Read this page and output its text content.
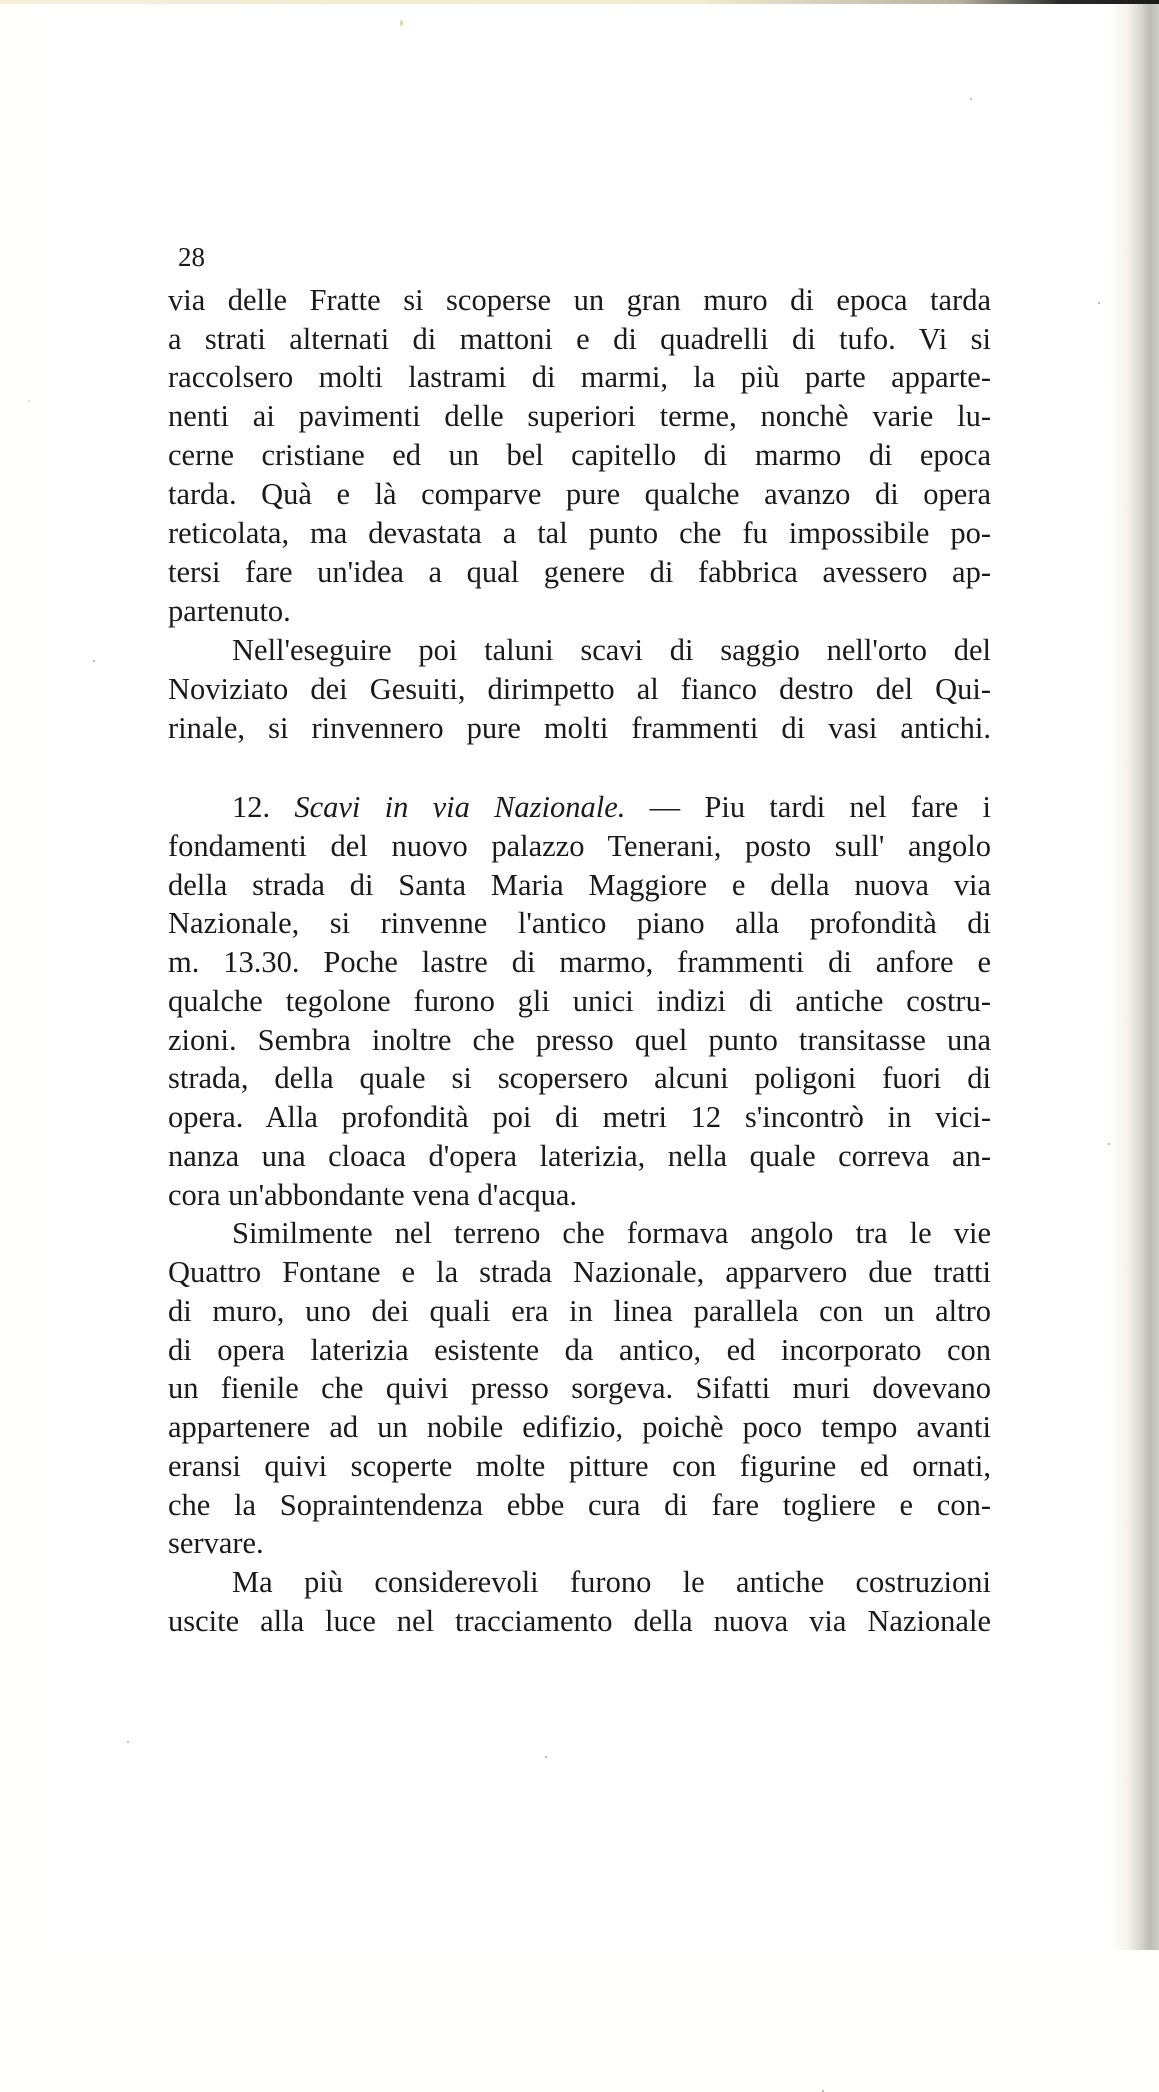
28
via delle Fratte si scoperse un gran muro di epoca tarda
a strati alternati di mattoni e di quadrelli di tufo. Vi si
raccolsero molti lastrami di marmi, la più parte apparte-
nenti ai pavimenti delle superiori terme, nonchè varie lu-
cerne cristiane ed un bel capitello di marmo di epoca
tarda. Quà e là comparve pure qualche avanzo di opera
reticolata, ma devastata a tal punto che fu impossibile po-
tersi fare un'idea a qual genere di fabbrica avessero ap-
partenuto.
Nell'eseguire poi taluni scavi di saggio nell'orto del
Noviziato dei Gesuiti, dirimpetto al fianco destro del Qui-
rinale, si rinvennero pure molti frammenti di vasi antichi.
12. Scavi in via Nazionale. — Piu tardi nel fare i
fondamenti del nuovo palazzo Tenerani, posto sull' angolo
della strada di Santa Maria Maggiore e della nuova via
Nazionale, si rinvenne l'antico piano alla profondità di
m. 13.30. Poche lastre di marmo, frammenti di anfore e
qualche tegolone furono gli unici indizi di antiche costru-
zioni. Sembra inoltre che presso quel punto transitasse una
strada, della quale si scopersero alcuni poligoni fuori di
opera. Alla profondità poi di metri 12 s'incontrò in vici-
nanza una cloaca d'opera laterizia, nella quale correva an-
cora un'abbondante vena d'acqua.
Similmente nel terreno che formava angolo tra le vie
Quattro Fontane e la strada Nazionale, apparvero due tratti
di muro, uno dei quali era in linea parallela con un altro
di opera laterizia esistente da antico, ed incorporato con
un fienile che quivi presso sorgeva. Sifatti muri dovevano
appartenere ad un nobile edifizio, poichè poco tempo avanti
eransi quivi scoperte molte pitture con figurine ed ornati,
che la Sopraintendenza ebbe cura di fare togliere e con-
servare.
Ma più considerevoli furono le antiche costruzioni
uscite alla luce nel tracciamento della nuova via Nazionale
